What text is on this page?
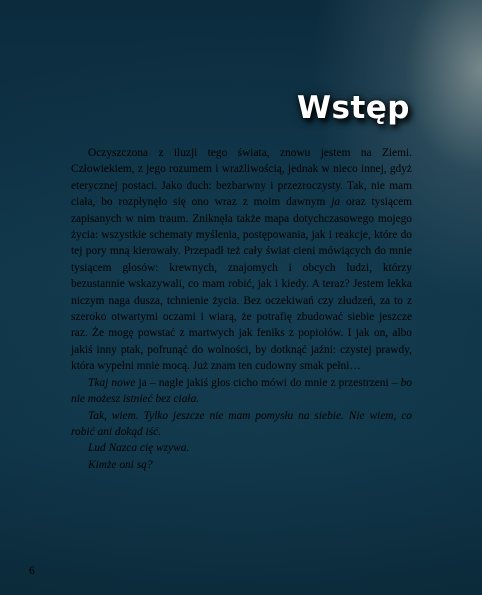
Wstęp

Oczyszczona z iluzji tego świata, znowu jestem na Ziemi. Człowiekiem, z jego rozumem i wrażliwością, jednak w nieco innej, gdyż eterycznej postaci. Jako duch: bezbarwny i przezroczysty. Tak, nie mam ciała, bo rozpłynęło się ono wraz z moim dawnym ja oraz tysiącem zapisanych w nim traum. Zniknęła także mapa dotychczasowego mojego życia: wszystkie schematy myślenia, postępowania, jak i reakcje, które do tej pory mną kierowały. Przepadł też cały świat cieni mówiących do mnie tysiącem głosów: krewnych, znajomych i obcych ludzi, którzy bezustannie wskazywali, co mam robić, jak i kiedy. A teraz? Jestem lekka niczym naga dusza, tchnienie życia. Bez oczekiwań czy złudzeń, za to z szeroko otwartymi oczami i wiarą, że potrafię zbudować siebie jeszcze raz. Że mogę powstać z martwych jak feniks z popiołów. I jak on, albo jakiś inny ptak, pofrunąć do wolności, by dotknąć jaźni: czystej prawdy, która wypełni mnie mocą. Już znam ten cudowny smak pełni…

Tkaj nowe ja – nagle jakiś głos cicho mówi do mnie z przestrzeni – bo nie możesz istnieć bez ciała.

Tak, wiem. Tylko jeszcze nie mam pomysłu na siebie. Nie wiem, co robić ani dokąd iść.

Lud Nazca cię wzywa.

Kimże oni są?

6
